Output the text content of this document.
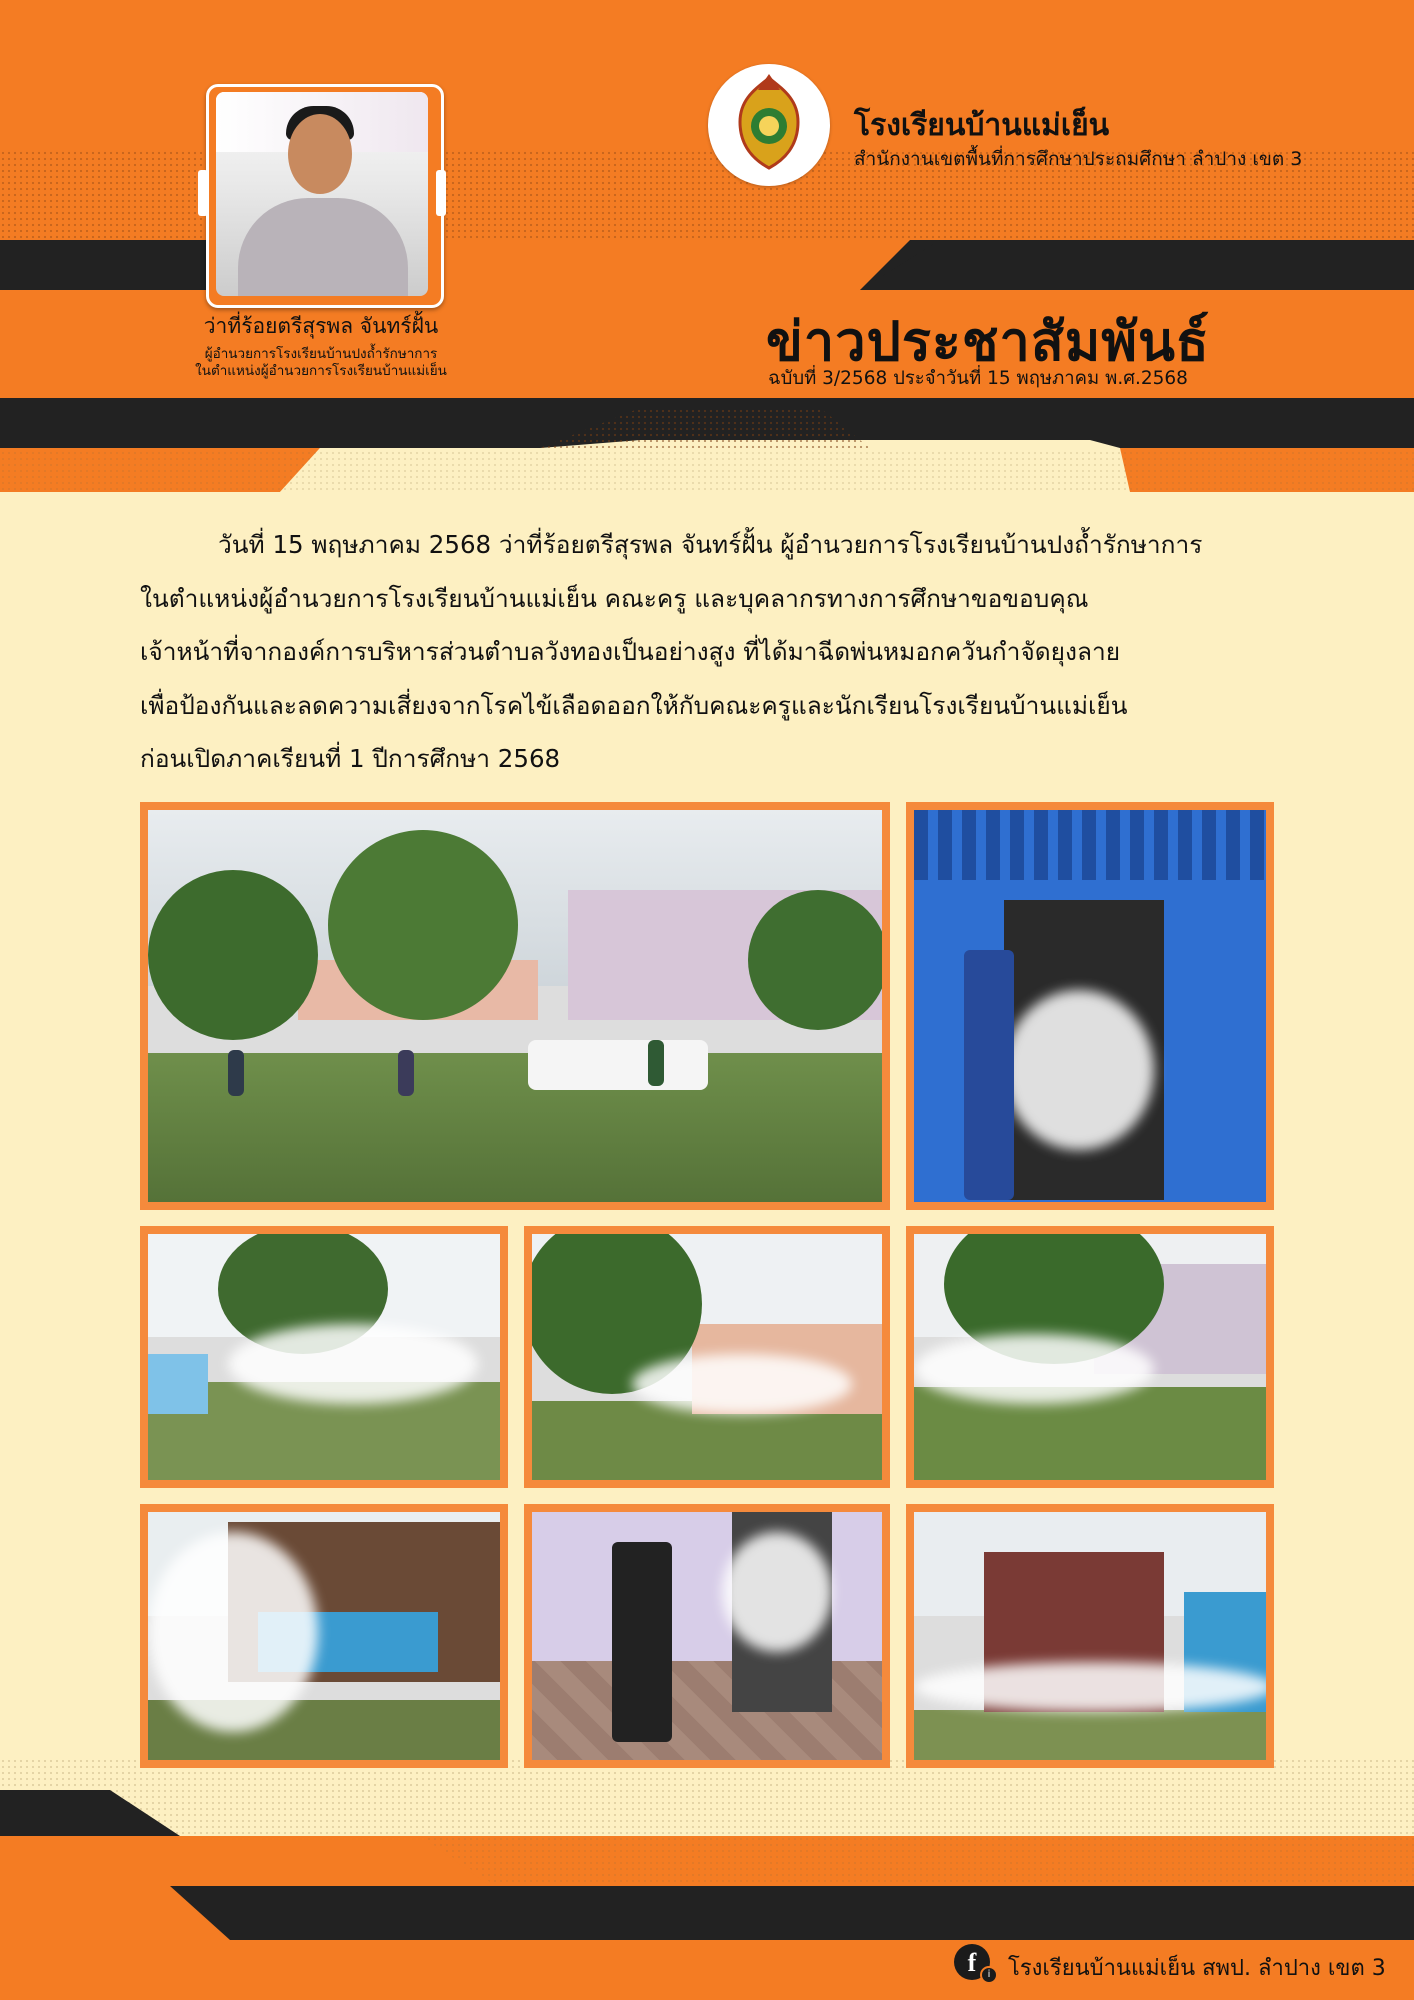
โรงเรียนบ้านแม่เย็น
สำนักงานเขตพื้นที่การศึกษาประถมศึกษา ลำปาง เขต 3
ข่าวประชาสัมพันธ์
ฉบับที่ 3/2568 ประจำวันที่ 15 พฤษภาคม พ.ศ.2568
ว่าที่ร้อยตรีสุรพล จันทร์ฝั้น
ผู้อำนวยการโรงเรียนบ้านปงถ้ำรักษาการ
ในตำแหน่งผู้อำนวยการโรงเรียนบ้านแม่เย็น
วันที่ 15 พฤษภาคม 2568 ว่าที่ร้อยตรีสุรพล จันทร์ฝั้น ผู้อำนวยการโรงเรียนบ้านปงถ้ำรักษาการ
ในตำแหน่งผู้อำนวยการโรงเรียนบ้านแม่เย็น คณะครู และบุคลากรทางการศึกษาขอขอบคุณ
เจ้าหน้าที่จากองค์การบริหารส่วนตำบลวังทองเป็นอย่างสูง ที่ได้มาฉีดพ่นหมอกควันกำจัดยุงลาย
เพื่อป้องกันและลดความเสี่ยงจากโรคไข้เลือดออกให้กับคณะครูและนักเรียนโรงเรียนบ้านแม่เย็น
ก่อนเปิดภาคเรียนที่ 1 ปีการศึกษา 2568
f	i โรงเรียนบ้านแม่เย็น สพป. ลำปาง เขต 3
